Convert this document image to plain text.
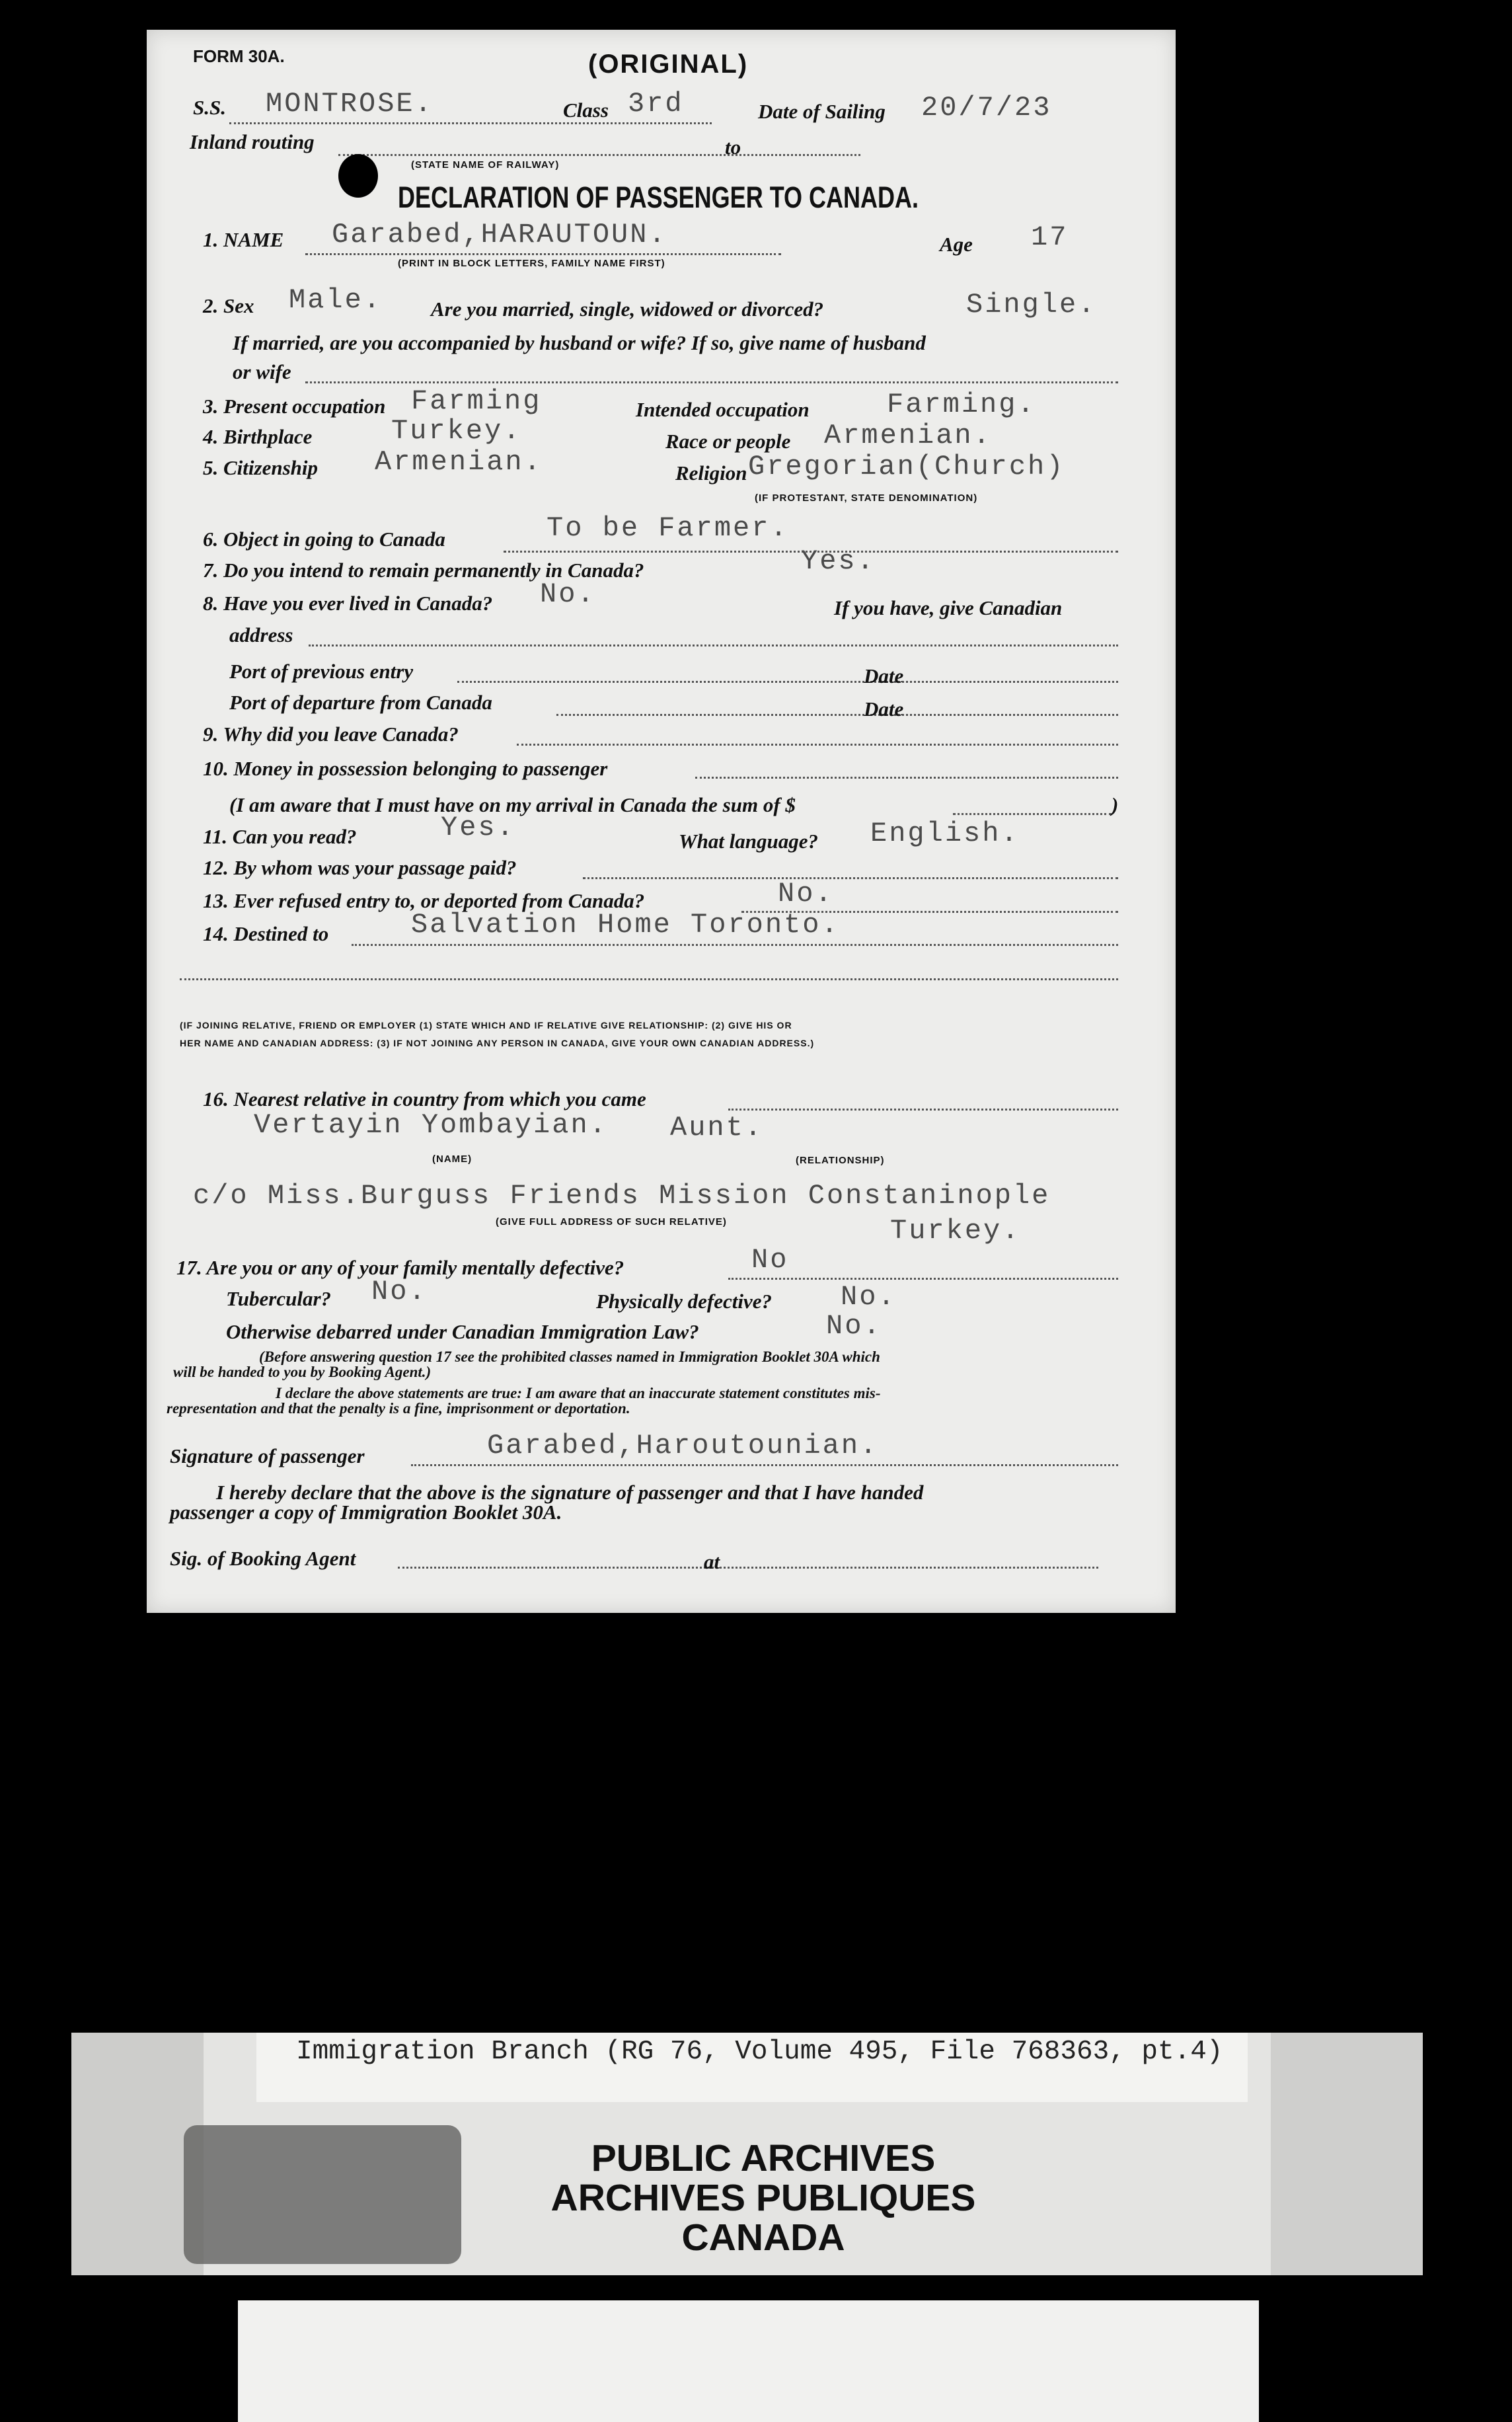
FORM 30A.	(ORIGINAL)
S.S. MONTROSE.	Class 3rd	Date of Sailing 20/7/23
Inland routing	to
(STATE NAME OF RAILWAY)
DECLARATION OF PASSENGER TO CANADA.
1. NAME Garabed,HARAUTOUN.	Age 17
(PRINT IN BLOCK LETTERS, FAMILY NAME FIRST)
2. Sex Male. Are you married, single, widowed or divorced?	Single.
If married, are you accompanied by husband or wife? If so, give name of husband
or wife
3. Present occupation Farming	Intended occupation	Farming.
4. Birthplace	Turkey.	Race or people Armenian.
5. Citizenship Armenian.	Religion Gregorian(Church)
(IF PROTESTANT, STATE DENOMINATION)
6. Object in going to Canada	To be Farmer.
7. Do you intend to remain permanently in Canada?	Yes.
8. Have you ever lived in Canada? No.	If you have, give Canadian
address
Port of previous entry	Date
Port of departure from Canada	Date
9. Why did you leave Canada?
10. Money in possession belonging to passenger
(I am aware that I must have on my arrival in Canada the sum of $	)
11. Can you read?	Yes.	What language? English.
12. By whom was your passage paid?
13. Ever refused entry to, or deported from Canada?	No.
14. Destined to	Salvation Home Toronto.
(IF JOINING RELATIVE, FRIEND OR EMPLOYER (1) STATE WHICH AND IF RELATIVE GIVE RELATIONSHIP: (2) GIVE HIS OR
HER NAME AND CANADIAN ADDRESS: (3) IF NOT JOINING ANY PERSON IN CANADA, GIVE YOUR OWN CANADIAN ADDRESS.)
16. Nearest relative in country from which you came
Vertayin Yombayian. Aunt.
(NAME)	(RELATIONSHIP)
c/o Miss.Burguss Friends Mission Constaninople
(GIVE FULL ADDRESS OF SUCH RELATIVE)	Turkey.
17. Are you or any of your family mentally defective?	No
Tubercular? No.	Physically defective? No.
Otherwise debarred under Canadian Immigration Law?	No.
(Before answering question 17 see the prohibited classes named in Immigration Booklet 30A which
will be handed to you by Booking Agent.)
I declare the above statements are true: I am aware that an inaccurate statement constitutes mis-
representation and that the penalty is a fine, imprisonment or deportation.
Signature of passenger	Garabed,Haroutounian.
I hereby declare that the above is the signature of passenger and that I have handed
passenger a copy of Immigration Booklet 30A.
Sig. of Booking Agent	at
Immigration Branch (RG 76, Volume 495, File 768363, pt.4)
PUBLIC ARCHIVES
ARCHIVES PUBLIQUES
CANADA
